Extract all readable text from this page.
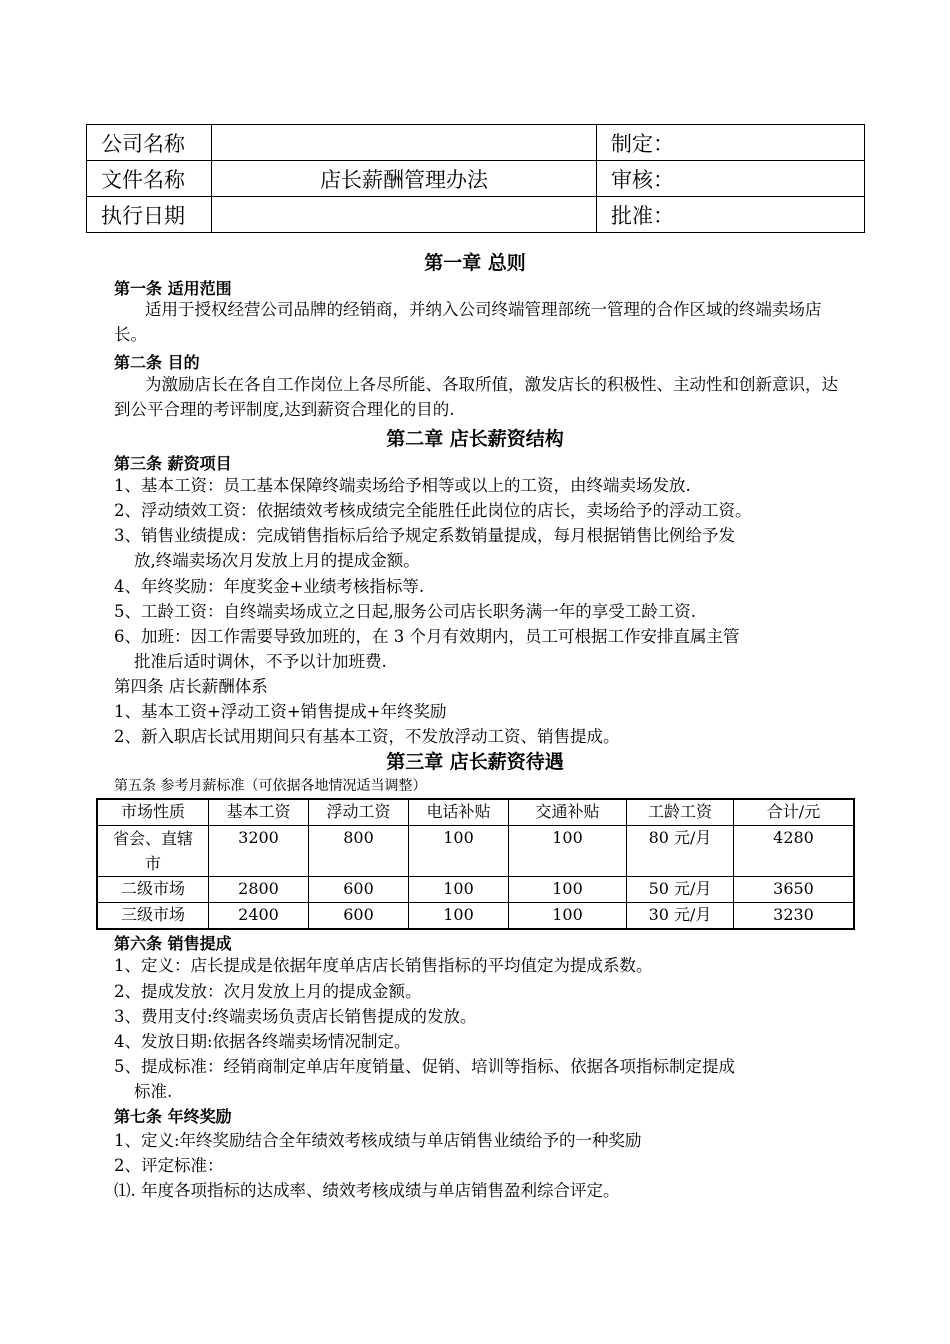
公司名称		制定：
文件名称	店长薪酬管理办法	审核：
执行日期		批准：
第一章 总则
第一条 适用范围
适用于授权经营公司品牌的经销商，并纳入公司终端管理部统一管理的合作区域的终端卖场店长。
第二条 目的
为激励店长在各自工作岗位上各尽所能、各取所值，激发店长的积极性、主动性和创新意识，达到公平合理的考评制度,达到薪资合理化的目的.
第二章 店长薪资结构
第三条 薪资项目
1、基本工资：员工基本保障终端卖场给予相等或以上的工资，由终端卖场发放.
2、浮动绩效工资：依据绩效考核成绩完全能胜任此岗位的店长，卖场给予的浮动工资。
3、销售业绩提成：完成销售指标后给予规定系数销量提成，每月根据销售比例给予发
放,终端卖场次月发放上月的提成金额。
4、年终奖励：年度奖金+业绩考核指标等.
5、工龄工资：自终端卖场成立之日起,服务公司店长职务满一年的享受工龄工资.
6、加班：因工作需要导致加班的，在 3 个月有效期内，员工可根据工作安排直属主管
批准后适时调休，不予以计加班费.
第四条 店长薪酬体系
1、基本工资+浮动工资+销售提成+年终奖励
2、新入职店长试用期间只有基本工资，不发放浮动工资、销售提成。
第三章 店长薪资待遇
第五条 参考月薪标准（可依据各地情况适当调整）
市场性质	基本工资	浮动工资	电话补贴	交通补贴	工龄工资	合计/元
省会、直辖市	3200	800	100	100	80 元/月	4280
二级市场	2800	600	100	100	50 元/月	3650
三级市场	2400	600	100	100	30 元/月	3230
第六条 销售提成
1、定义：店长提成是依据年度单店店长销售指标的平均值定为提成系数。
2、提成发放：次月发放上月的提成金额。
3、费用支付:终端卖场负责店长销售提成的发放。
4、发放日期:依据各终端卖场情况制定。
5、提成标准：经销商制定单店年度销量、促销、培训等指标、依据各项指标制定提成
标准.
第七条 年终奖励
1、定义:年终奖励结合全年绩效考核成绩与单店销售业绩给予的一种奖励
2、评定标准：
⑴. 年度各项指标的达成率、绩效考核成绩与单店销售盈利综合评定。
